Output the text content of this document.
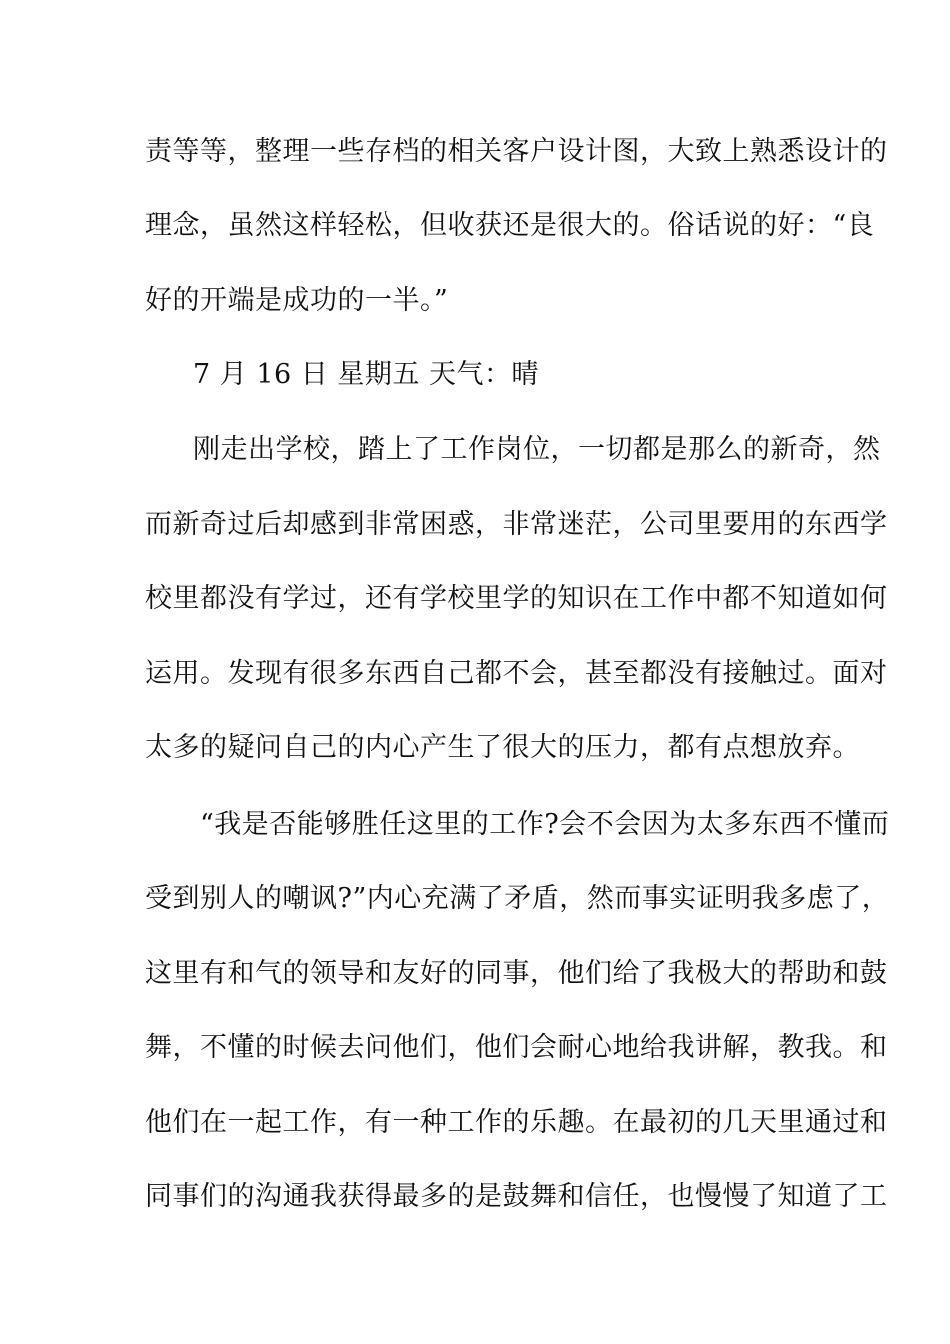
责等等，整理一些存档的相关客户设计图，大致上熟悉设计的
理念，虽然这样轻松，但收获还是很大的。俗话说的好：“良
好的开端是成功的一半。”
7 月 16 日 星期五 天气：晴
刚走出学校，踏上了工作岗位，一切都是那么的新奇，然
而新奇过后却感到非常困惑，非常迷茫，公司里要用的东西学
校里都没有学过，还有学校里学的知识在工作中都不知道如何
运用。发现有很多东西自己都不会，甚至都没有接触过。面对
太多的疑问自己的内心产生了很大的压力，都有点想放弃。
“我是否能够胜任这里的工作?会不会因为太多东西不懂而
受到别人的嘲讽?”内心充满了矛盾，然而事实证明我多虑了，
这里有和气的领导和友好的同事，他们给了我极大的帮助和鼓
舞，不懂的时候去问他们，他们会耐心地给我讲解，教我。和
他们在一起工作，有一种工作的乐趣。在最初的几天里通过和
同事们的沟通我获得最多的是鼓舞和信任，也慢慢了知道了工
